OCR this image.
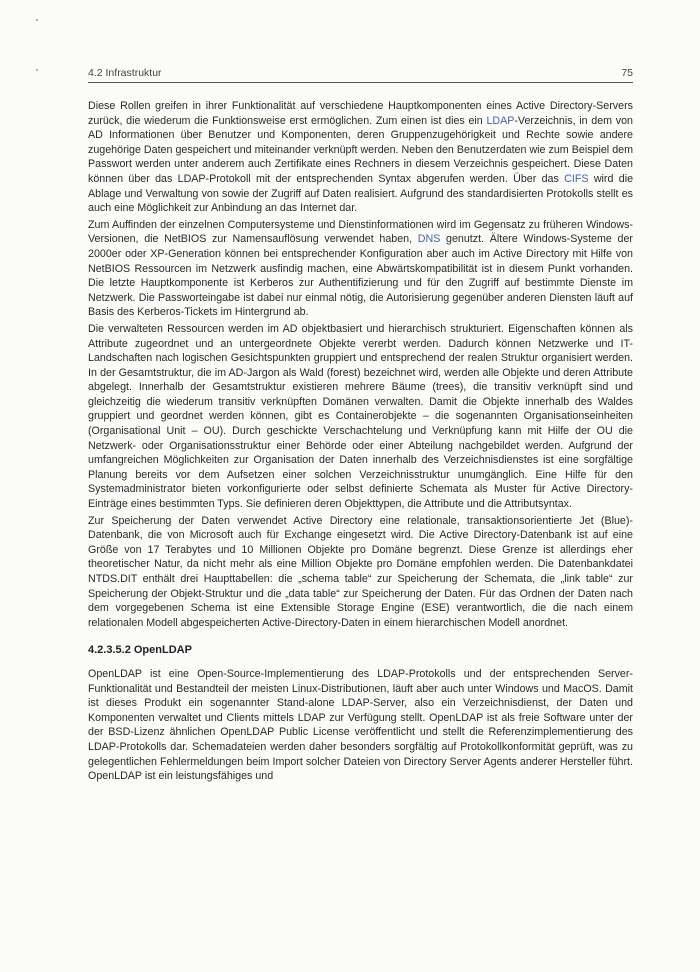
4.2 Infrastruktur	75

Diese Rollen greifen in ihrer Funktionalität auf verschiedene Hauptkomponenten eines Active Directory-Servers zurück, die wiederum die Funktionsweise erst ermöglichen. Zum einen ist dies ein LDAP-Verzeichnis, in dem von AD Informationen über Benutzer und Komponenten, deren Gruppenzugehörigkeit und Rechte sowie andere zugehörige Daten gespeichert und miteinander verknüpft werden. Neben den Benutzerdaten wie zum Beispiel dem Passwort werden unter anderem auch Zertifikate eines Rechners in diesem Verzeichnis gespeichert. Diese Daten können über das LDAP-Protokoll mit der entsprechenden Syntax abgerufen werden. Über das CIFS wird die Ablage und Verwaltung von sowie der Zugriff auf Daten realisiert. Aufgrund des standardisierten Protokolls stellt es auch eine Möglichkeit zur Anbindung an das Internet dar.

Zum Auffinden der einzelnen Computersysteme und Dienstinformationen wird im Gegensatz zu früheren Windows-Versionen, die NetBIOS zur Namensauflösung verwendet haben, DNS genutzt. Ältere Windows-Systeme der 2000er oder XP-Generation können bei entsprechender Konfiguration aber auch im Active Directory mit Hilfe von NetBIOS Ressourcen im Netzwerk ausfindig machen, eine Abwärtskompatibilität ist in diesem Punkt vorhanden. Die letzte Hauptkomponente ist Kerberos zur Authentifizierung und für den Zugriff auf bestimmte Dienste im Netzwerk. Die Passworteingabe ist dabei nur einmal nötig, die Autorisierung gegenüber anderen Diensten läuft auf Basis des Kerberos-Tickets im Hintergrund ab.

Die verwalteten Ressourcen werden im AD objektbasiert und hierarchisch strukturiert. Eigenschaften können als Attribute zugeordnet und an untergeordnete Objekte vererbt werden. Dadurch können Netzwerke und IT-Landschaften nach logischen Gesichtspunkten gruppiert und entsprechend der realen Struktur organisiert werden. In der Gesamtstruktur, die im AD-Jargon als Wald (forest) bezeichnet wird, werden alle Objekte und deren Attribute abgelegt. Innerhalb der Gesamtstruktur existieren mehrere Bäume (trees), die transitiv verknüpft sind und gleichzeitig die wiederum transitiv verknüpften Domänen verwalten. Damit die Objekte innerhalb des Waldes gruppiert und geordnet werden können, gibt es Containerobjekte – die sogenannten Organisationseinheiten (Organisational Unit – OU). Durch geschickte Verschachtelung und Verknüpfung kann mit Hilfe der OU die Netzwerk- oder Organisationsstruktur einer Behörde oder einer Abteilung nachgebildet werden. Aufgrund der umfangreichen Möglichkeiten zur Organisation der Daten innerhalb des Verzeichnisdienstes ist eine sorgfältige Planung bereits vor dem Aufsetzen einer solchen Verzeichnisstruktur unumgänglich. Eine Hilfe für den Systemadministrator bieten vorkonfigurierte oder selbst definierte Schemata als Muster für Active Directory-Einträge eines bestimmten Typs. Sie definieren deren Objekttypen, die Attribute und die Attributsyntax.

Zur Speicherung der Daten verwendet Active Directory eine relationale, transaktionsorientierte Jet (Blue)-Datenbank, die von Microsoft auch für Exchange eingesetzt wird. Die Active Directory-Datenbank ist auf eine Größe von 17 Terabytes und 10 Millionen Objekte pro Domäne begrenzt. Diese Grenze ist allerdings eher theoretischer Natur, da nicht mehr als eine Million Objekte pro Domäne empfohlen werden. Die Datenbankdatei NTDS.DIT enthält drei Haupttabellen: die „schema table“ zur Speicherung der Schemata, die „link table“ zur Speicherung der Objekt-Struktur und die „data table“ zur Speicherung der Daten. Für das Ordnen der Daten nach dem vorgegebenen Schema ist eine Extensible Storage Engine (ESE) verantwortlich, die die nach einem relationalen Modell abgespeicherten Active-Directory-Daten in einem hierarchischen Modell anordnet.

4.2.3.5.2 OpenLDAP

OpenLDAP ist eine Open-Source-Implementierung des LDAP-Protokolls und der entsprechenden Server-Funktionalität und Bestandteil der meisten Linux-Distributionen, läuft aber auch unter Windows und MacOS. Damit ist dieses Produkt ein sogenannter Stand-alone LDAP-Server, also ein Verzeichnisdienst, der Daten und Komponenten verwaltet und Clients mittels LDAP zur Verfügung stellt. OpenLDAP ist als freie Software unter der der BSD-Lizenz ähnlichen OpenLDAP Public License veröffentlicht und stellt die Referenzimplementierung des LDAP-Protokolls dar. Schemadateien werden daher besonders sorgfältig auf Protokollkonformität geprüft, was zu gelegentlichen Fehlermeldungen beim Import solcher Dateien von Directory Server Agents anderer Hersteller führt. OpenLDAP ist ein leistungsfähiges und
